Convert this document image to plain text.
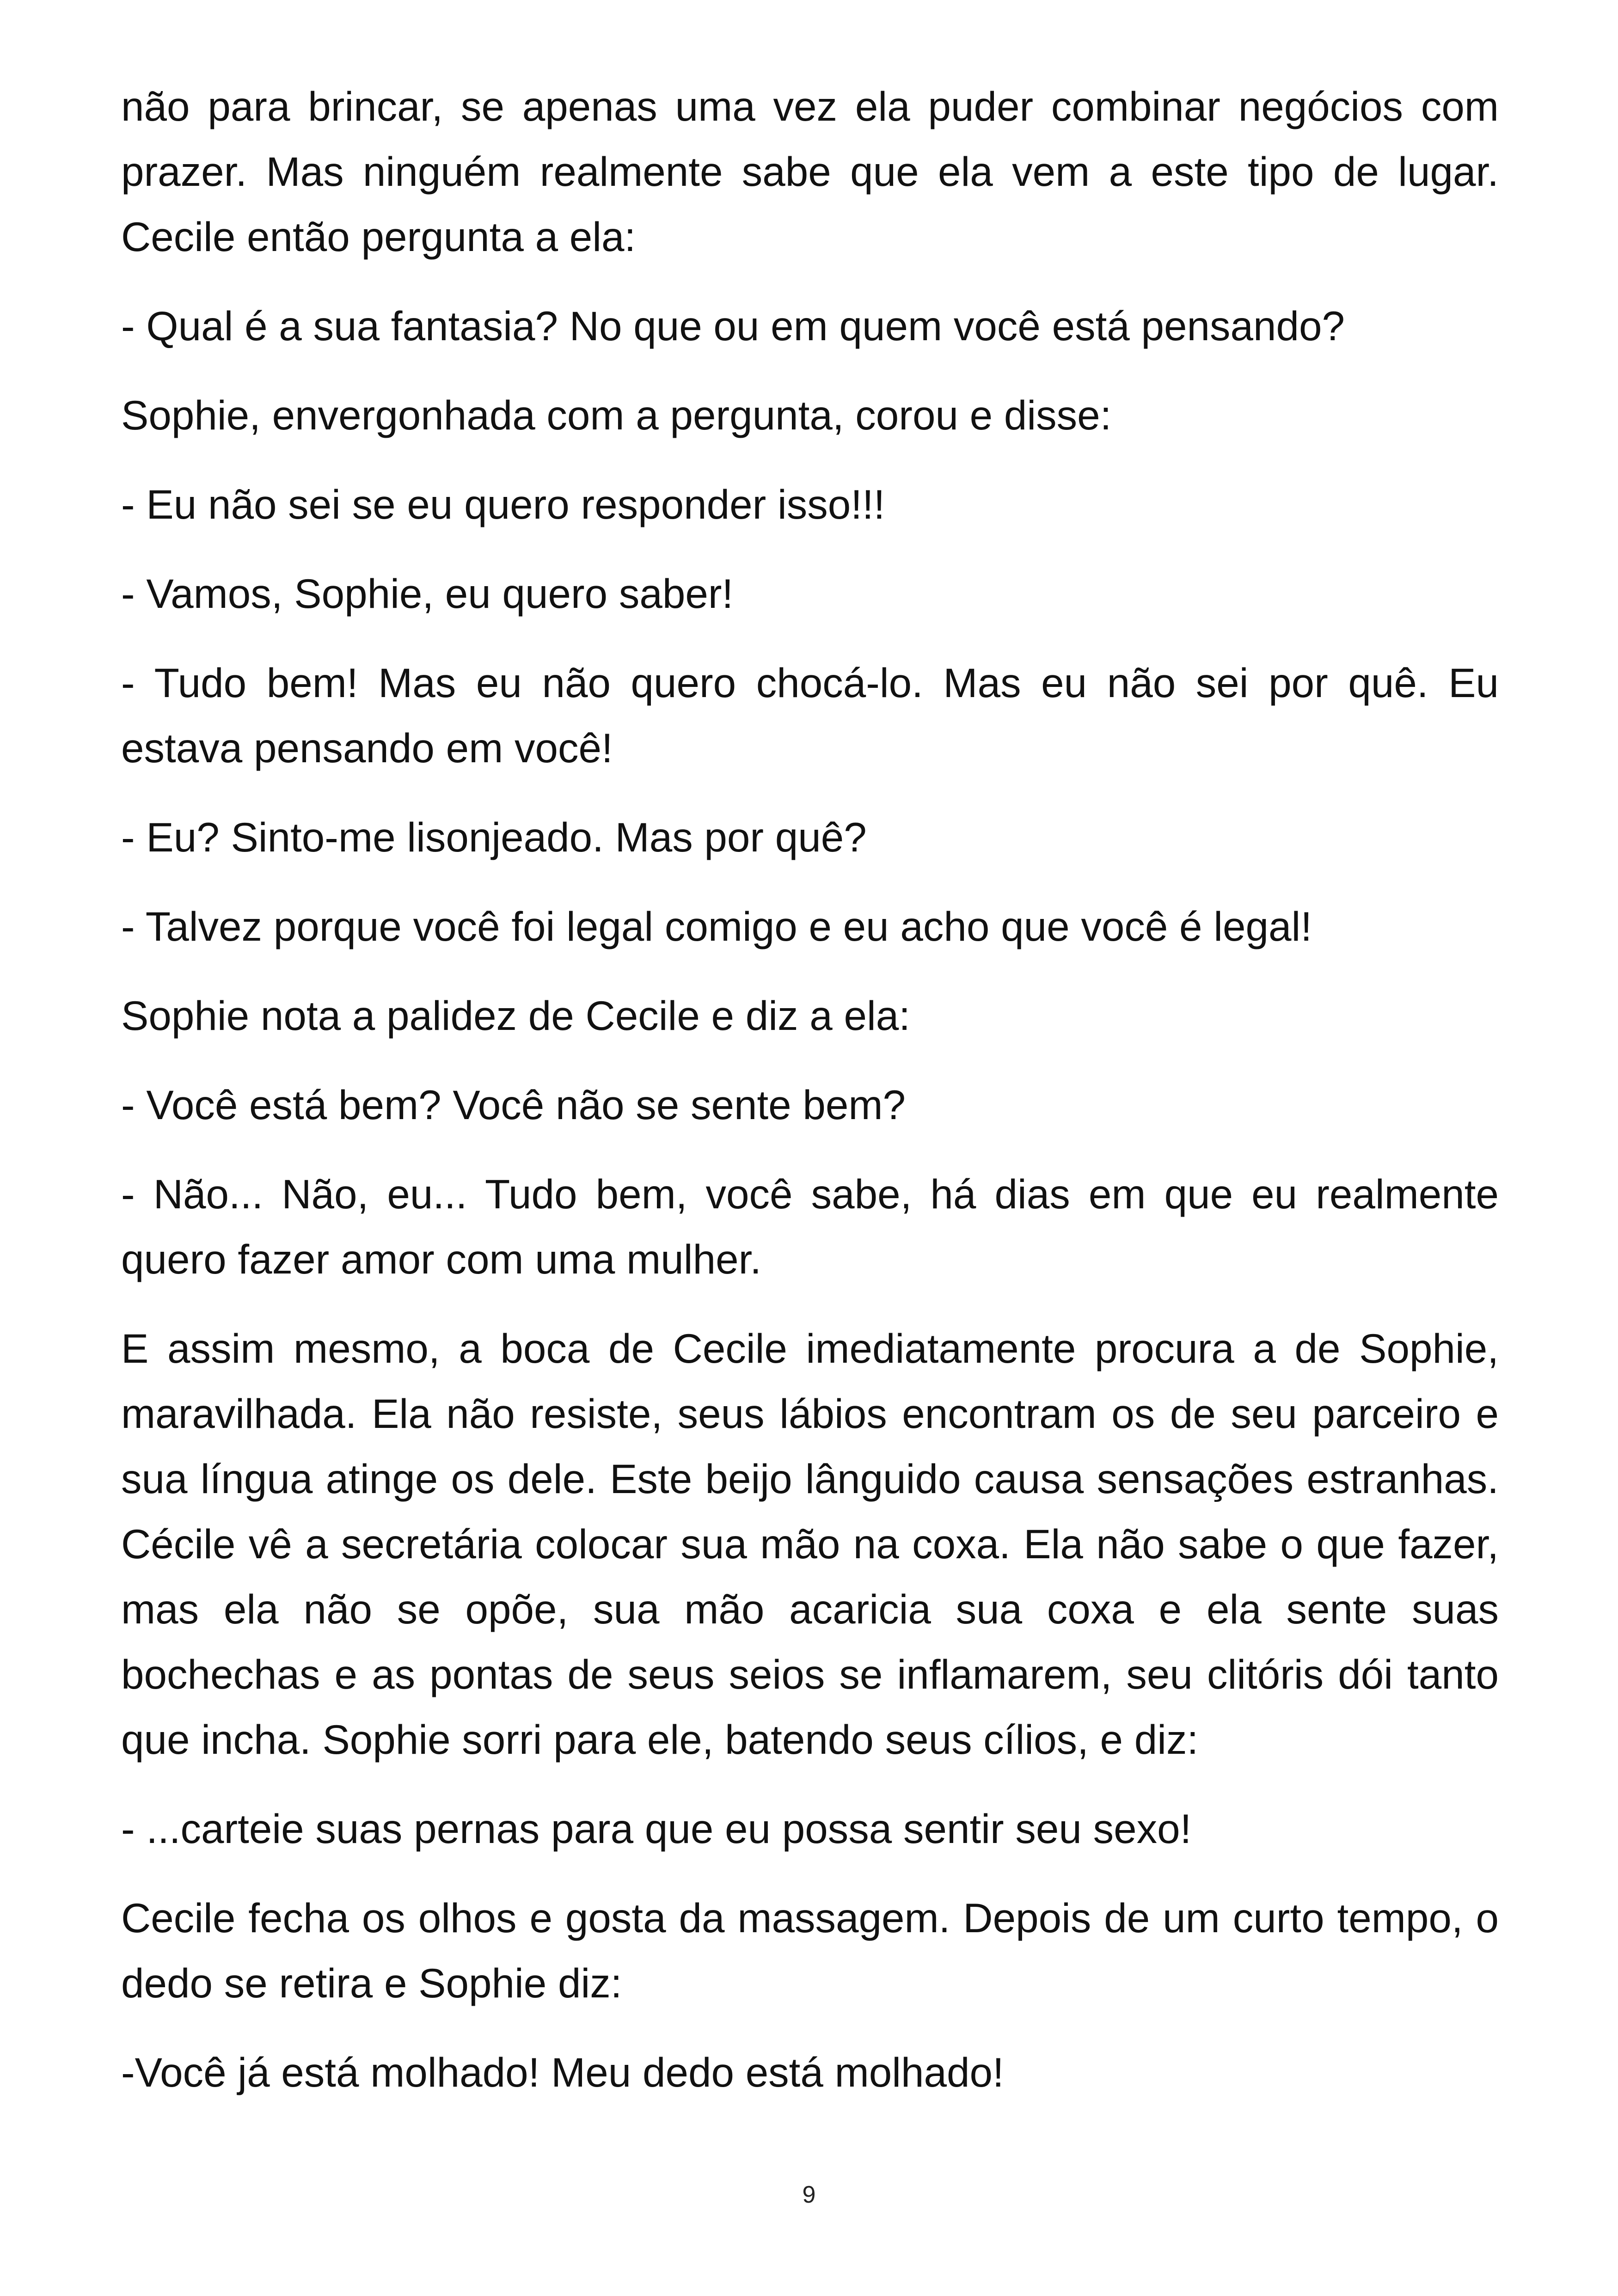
não para brincar, se apenas uma vez ela puder combinar negócios com prazer. Mas ninguém realmente sabe que ela vem a este tipo de lugar. Cecile então pergunta a ela:

- Qual é a sua fantasia? No que ou em quem você está pensando?

Sophie, envergonhada com a pergunta, corou e disse:

- Eu não sei se eu quero responder isso!!!

- Vamos, Sophie, eu quero saber!

- Tudo bem! Mas eu não quero chocá-lo. Mas eu não sei por quê. Eu estava pensando em você!

- Eu? Sinto-me lisonjeado. Mas por quê?

- Talvez porque você foi legal comigo e eu acho que você é legal!

Sophie nota a palidez de Cecile e diz a ela:

- Você está bem? Você não se sente bem?

- Não... Não, eu... Tudo bem, você sabe, há dias em que eu realmente quero fazer amor com uma mulher.

E assim mesmo, a boca de Cecile imediatamente procura a de Sophie, maravilhada. Ela não resiste, seus lábios encontram os de seu parceiro e sua língua atinge os dele. Este beijo lânguido causa sensações estranhas. Cécile vê a secretária colocar sua mão na coxa. Ela não sabe o que fazer, mas ela não se opõe, sua mão acaricia sua coxa e ela sente suas bochechas e as pontas de seus seios se inflamarem, seu clitóris dói tanto que incha. Sophie sorri para ele, batendo seus cílios, e diz:

- ...carteie suas pernas para que eu possa sentir seu sexo!

Cecile fecha os olhos e gosta da massagem. Depois de um curto tempo, o dedo se retira e Sophie diz:

-Você já está molhado! Meu dedo está molhado!

9
